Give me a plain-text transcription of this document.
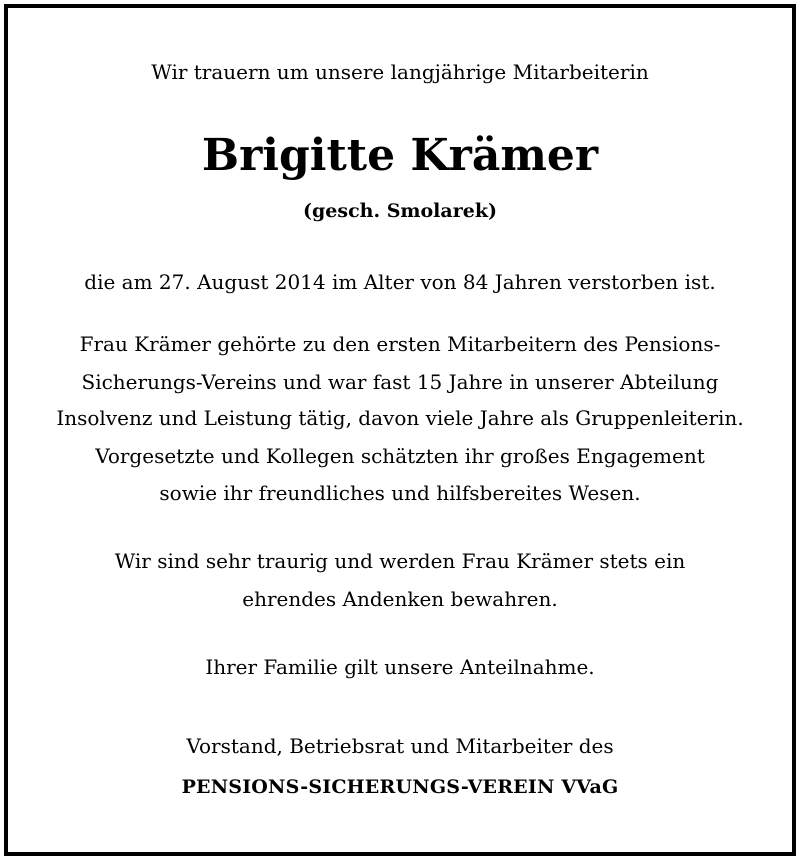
Wir trauern um unsere langjährige Mitarbeiterin
Brigitte Krämer
(gesch. Smolarek)
die am 27. August 2014 im Alter von 84 Jahren verstorben ist.
Frau Krämer gehörte zu den ersten Mitarbeitern des Pensions-
Sicherungs-Vereins und war fast 15 Jahre in unserer Abteilung
Insolvenz und Leistung tätig, davon viele Jahre als Gruppenleiterin.
Vorgesetzte und Kollegen schätzten ihr großes Engagement
sowie ihr freundliches und hilfsbereites Wesen.
Wir sind sehr traurig und werden Frau Krämer stets ein
ehrendes Andenken bewahren.
Ihrer Familie gilt unsere Anteilnahme.
Vorstand, Betriebsrat und Mitarbeiter des
PENSIONS-SICHERUNGS-VEREIN VVaG
